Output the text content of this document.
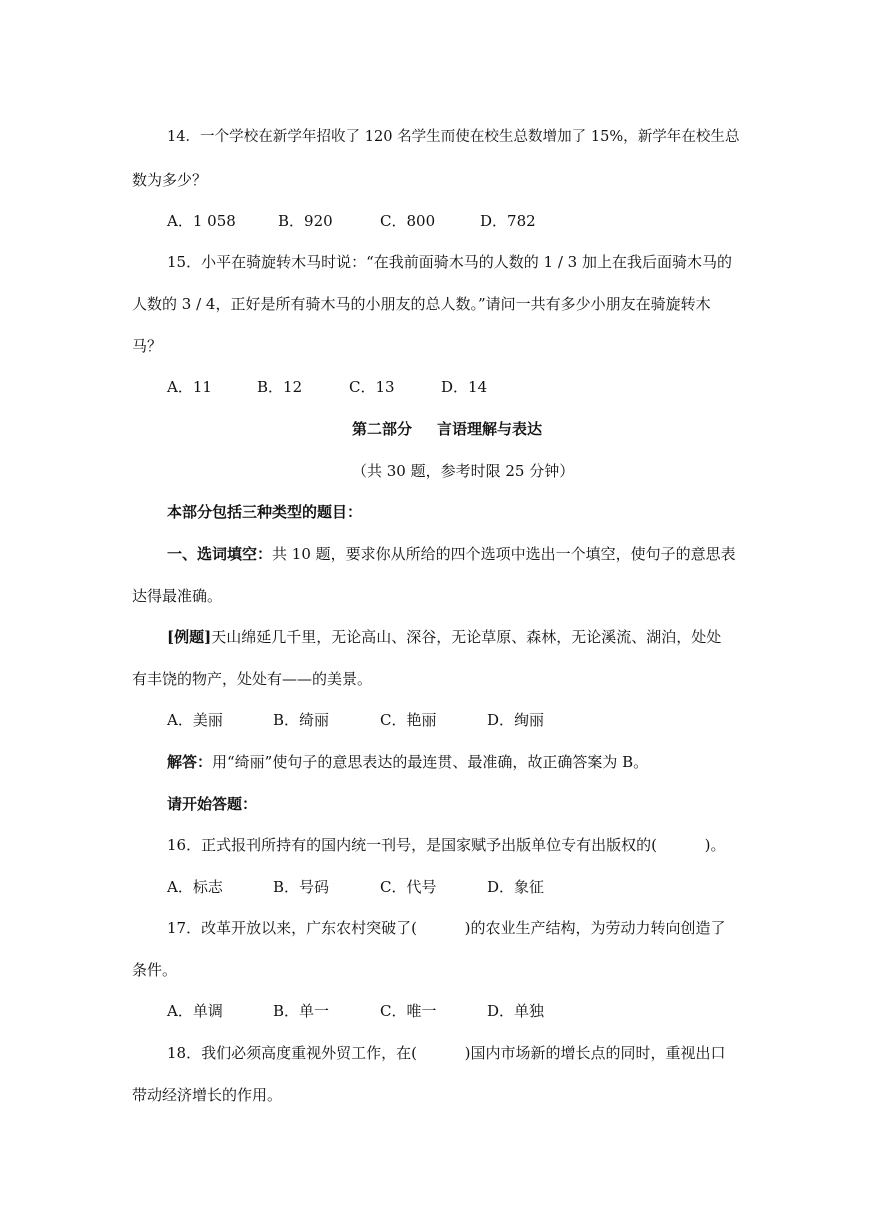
14．一个学校在新学年招收了 120 名学生而使在校生总数增加了 15%，新学年在校生总
数为多少？
A．1 058	B．920	C．800	D．782
15．小平在骑旋转木马时说：“在我前面骑木马的人数的 1 / 3 加上在我后面骑木马的
人数的 3 / 4，正好是所有骑木马的小朋友的总人数。”请问一共有多少小朋友在骑旋转木
马？
A．11	B．12	C．13	D．14
第二部分 言语理解与表达
（共 30 题，参考时限 25 分钟）
本部分包括三种类型的题目：
一、选词填空：共 10 题，要求你从所给的四个选项中选出一个填空，使句子的意思表
达得最准确。
[例题]天山绵延几千里，无论高山、深谷，无论草原、森林，无论溪流、湖泊，处处
有丰饶的物产，处处有——的美景。
A．美丽	B．绮丽	C．艳丽	D．绚丽
解答：用“绮丽”使句子的意思表达的最连贯、最准确，故正确答案为 B。
请开始答题：
16．正式报刊所持有的国内统一刊号，是国家赋予出版单位专有出版权的(          )。
A．标志	B．号码	C．代号	D．象征
17．改革开放以来，广东农村突破了(          )的农业生产结构，为劳动力转向创造了
条件。
A．单调	B．单一	C．唯一	D．单独
18．我们必须高度重视外贸工作，在(          )国内市场新的增长点的同时，重视出口
带动经济增长的作用。
